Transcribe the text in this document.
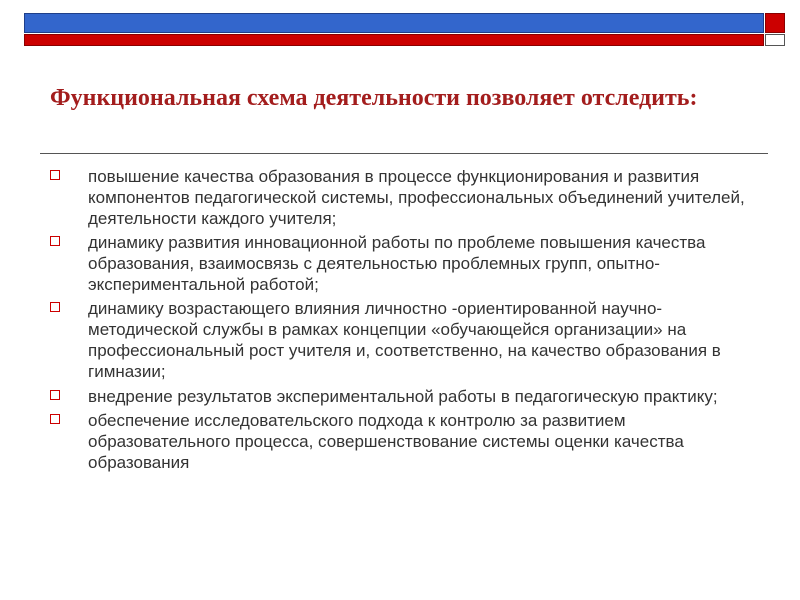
Функциональная схема деятельности позволяет отследить:
повышение качества образования в процессе функционирования и развития компонентов педагогической системы, профессиональных объединений учителей, деятельности каждого учителя;
динамику развития инновационной работы по проблеме повышения качества образования, взаимосвязь с деятельностью проблемных групп, опытно-экспериментальной работой;
динамику возрастающего влияния личностно -ориентированной научно-методической службы в рамках концепции «обучающейся организации» на профессиональный рост учителя и, соответственно, на качество образования в гимназии;
внедрение результатов экспериментальной работы в педагогическую практику;
обеспечение исследовательского подхода к контролю за развитием образовательного процесса, совершенствование системы оценки качества образования
